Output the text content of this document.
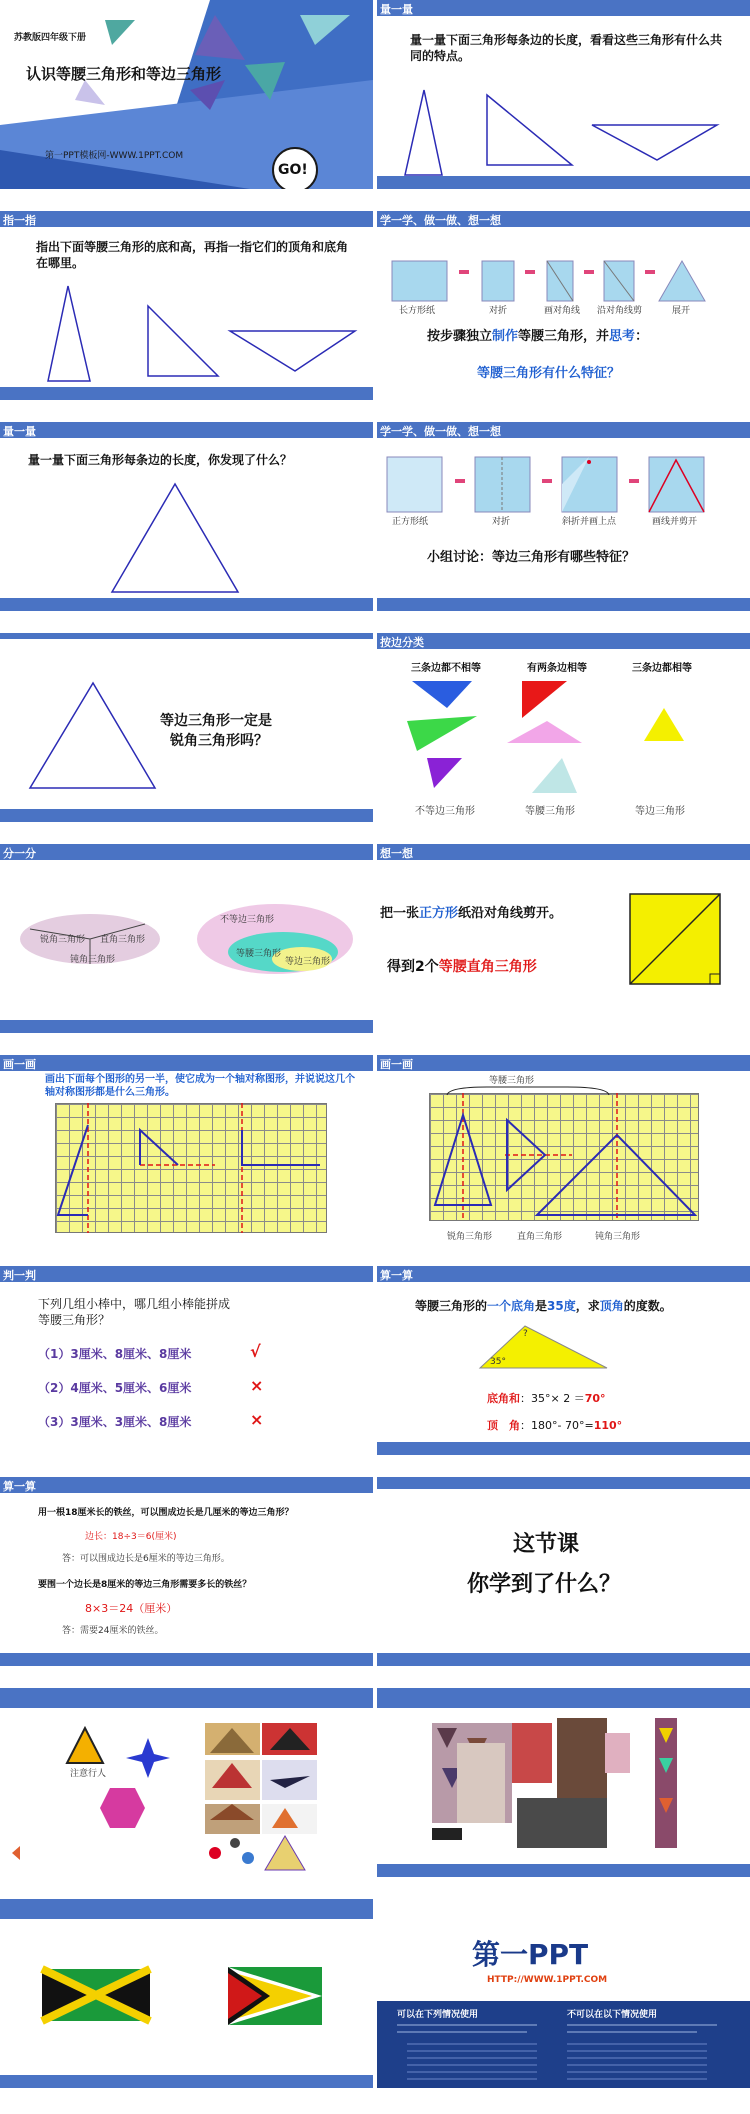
苏教版四年级下册
认识等腰三角形和等边三角形
第一PPT模板网-WWW.1PPT.COM
GO!
量一量
量一量下面三角形每条边的长度，看看这些三角形有什么共同的特点。
指一指
指出下面等腰三角形的底和高，再指一指它们的顶角和底角在哪里。
学一学、做一做、想一想
长方形纸	对折	画对角线 沿对角线剪	展开
按步骤独立制作等腰三角形，并思考：
等腰三角形有什么特征？
量一量
量一量下面三角形每条边的长度，你发现了什么？
学一学、做一做、想一想
正方形纸	对折	斜折并画上点	画线并剪开
小组讨论：等边三角形有哪些特征？
等边三角形一定是
锐角三角形吗？
按边分类
三条边都不相等	有两条边相等	三条边都相等
不等边三角形	等腰三角形	等边三角形
分一分
锐角三角形 直角三角形
钝角三角形
不等边三角形
等腰三角形
等边三角形
想一想
把一张正方形纸沿对角线剪开。
得到2个等腰直角三角形
画一画
画出下面每个图形的另一半，使它成为一个轴对称图形，并说说这几个轴对称图形都是什么三角形。
画一画
等腰三角形
锐角三角形	直角三角形	钝角三角形
判一判
下列几组小棒中，哪几组小棒能拼成等腰三角形？
（1）3厘米、8厘米、8厘米	√
（2）4厘米、5厘米、6厘米	×
（3）3厘米、3厘米、8厘米	×
算一算
等腰三角形的一个底角是35度，求顶角的度数。
?
35°
底角和：35°× 2 ＝70°
顶　角：180°- 70°=110°
算一算
用一根18厘米长的铁丝，可以围成边长是几厘米的等边三角形？
边长：18÷3＝6(厘米)
答：可以围成边长是6厘米的等边三角形。
要围一个边长是8厘米的等边三角形需要多长的铁丝？
8×3＝24（厘米）
答：需要24厘米的铁丝。
这节课
你学到了什么？
注意行人
第一PPT
HTTP://WWW.1PPT.COM
可以在下列情况使用	不可以在以下情况使用
